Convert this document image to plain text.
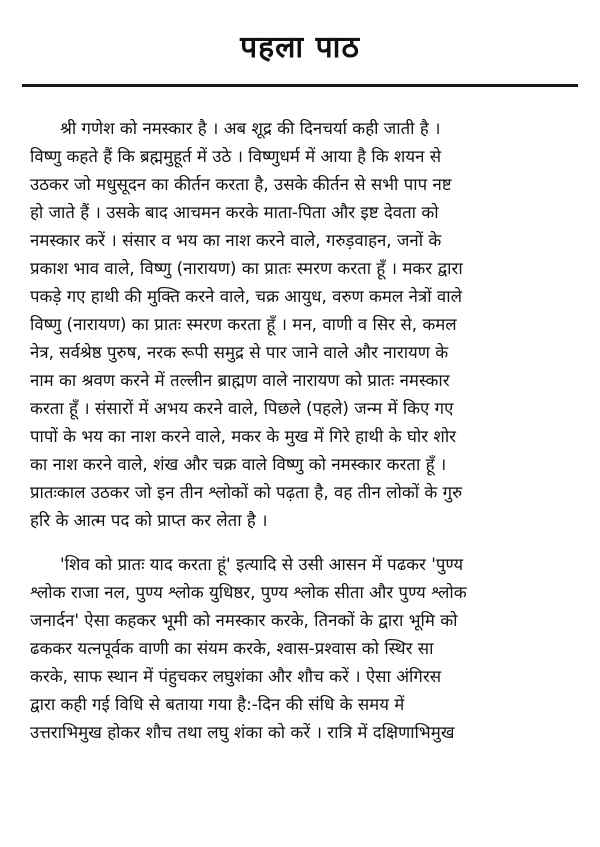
पहला पाठ
श्री गणेश को नमस्कार है । अब शूद्र की दिनचर्या कही जाती है ।
विष्णु कहते हैं कि ब्रह्ममुहूर्त में उठे । विष्णुधर्म में आया है कि शयन से
उठकर जो मधुसूदन का कीर्तन करता है, उसके कीर्तन से सभी पाप नष्ट
हो जाते हैं । उसके बाद आचमन करके माता-पिता और इष्ट देवता को
नमस्कार करें । संसार व भय का नाश करने वाले, गरुड़वाहन, जनों के
प्रकाश भाव वाले, विष्णु (नारायण) का प्रातः स्मरण करता हूँ । मकर द्वारा
पकड़े गए हाथी की मुक्ति करने वाले, चक्र आयुध, वरुण कमल नेत्रों वाले
विष्णु (नारायण) का प्रातः स्मरण करता हूँ । मन, वाणी व सिर से, कमल
नेत्र, सर्वश्रेष्ठ पुरुष, नरक रूपी समुद्र से पार जाने वाले और नारायण के
नाम का श्रवण करने में तल्लीन ब्राह्मण वाले नारायण को प्रातः नमस्कार
करता हूँ । संसारों में अभय करने वाले, पिछले (पहले) जन्म में किए गए
पापों के भय का नाश करने वाले, मकर के मुख में गिरे हाथी के घोर शोर
का नाश करने वाले, शंख और चक्र वाले विष्णु को नमस्कार करता हूँ ।
प्रातःकाल उठकर जो इन तीन श्लोकों को पढ़ता है, वह तीन लोकों के गुरु
हरि के आत्म पद को प्राप्त कर लेता है ।
'शिव को प्रातः याद करता हूं' इत्यादि से उसी आसन में पढकर 'पुण्य
श्लोक राजा नल, पुण्य श्लोक युधिष्ठर, पुण्य श्लोक सीता और पुण्य श्लोक
जनार्दन' ऐसा कहकर भूमी को नमस्कार करके, तिनकों के द्वारा भूमि को
ढककर यत्नपूर्वक वाणी का संयम करके, श्वास-प्रश्वास को स्थिर सा
करके, साफ स्थान में पंहुचकर लघुशंका और शौच करें । ऐसा अंगिरस
द्वारा कही गई विधि से बताया गया है:-दिन की संधि के समय में
उत्तराभिमुख होकर शौच तथा लघु शंका को करें । रात्रि में दक्षिणाभिमुख
